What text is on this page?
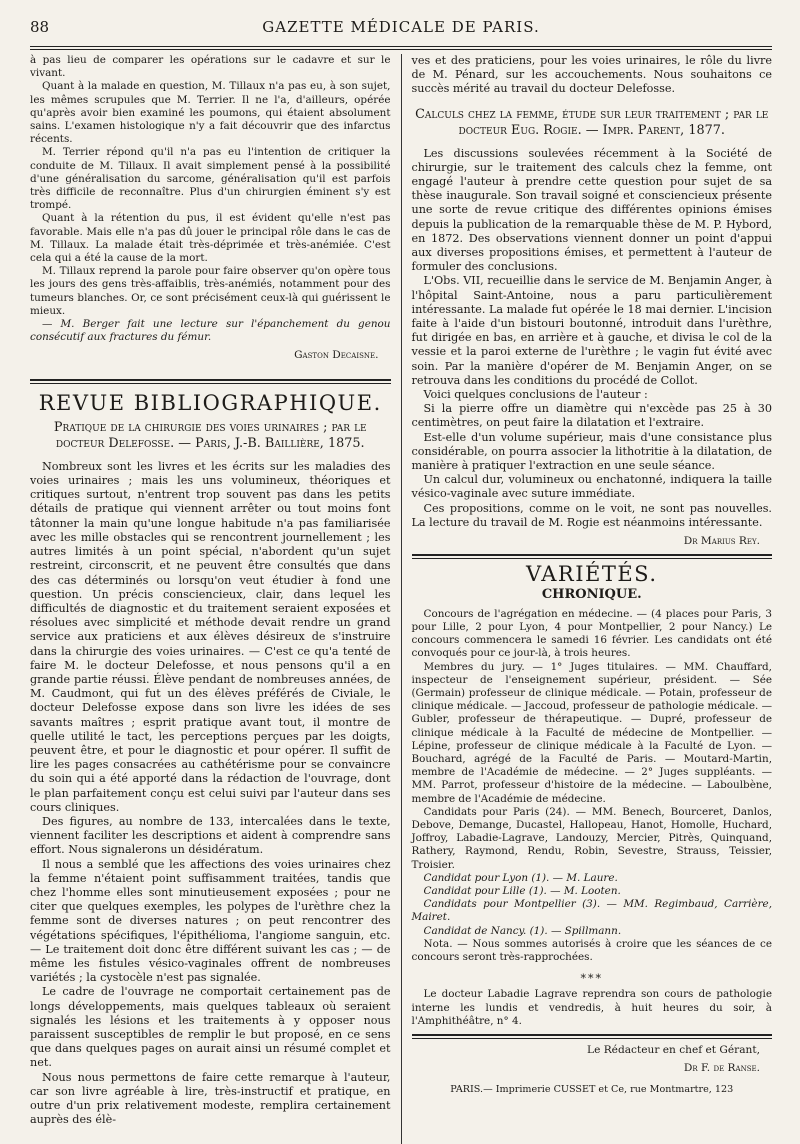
88	GAZETTE MÉDICALE DE PARIS.

à pas lieu de comparer les opérations sur le cadavre et sur le vivant.

Quant à la malade en question, M. Tillaux n'a pas eu, à son sujet, les mêmes scrupules que M. Terrier. Il ne l'a, d'ailleurs, opérée qu'après avoir bien examiné les poumons, qui étaient absolument sains. L'examen histologique n'y a fait découvrir que des infarctus récents.

M. Terrier répond qu'il n'a pas eu l'intention de critiquer la conduite de M. Tillaux. Il avait simplement pensé à la possibilité d'une généralisation du sarcome, généralisation qu'il est parfois très difficile de reconnaître. Plus d'un chirurgien éminent s'y est trompé.

Quant à la rétention du pus, il est évident qu'elle n'est pas favorable. Mais elle n'a pas dû jouer le principal rôle dans le cas de M. Tillaux. La malade était très-déprimée et très-anémiée. C'est cela qui a été la cause de la mort.

M. Tillaux reprend la parole pour faire observer qu'on opère tous les jours des gens très-affaiblis, très-anémiés, notamment pour des tumeurs blanches. Or, ce sont précisément ceux-là qui guérissent le mieux.

— M. Berger fait une lecture sur l'épanchement du genou consécutif aux fractures du fémur.

Gaston Decaisne.
REVUE BIBLIOGRAPHIQUE.
Pratique de la chirurgie des voies urinaires ; par le docteur Delefosse. — Paris, J.-B. Baillière, 1875.

Nombreux sont les livres et les écrits sur les maladies des voies urinaires ; mais les uns volumineux, théoriques et critiques surtout, n'entrent trop souvent pas dans les petits détails de pratique qui viennent arrêter ou tout moins font tâtonner la main qu'une longue habitude n'a pas familiarisée avec les mille obstacles qui se rencontrent journellement ; les autres limités à un point spécial, n'abordent qu'un sujet restreint, circonscrit, et ne peuvent être consultés que dans des cas déterminés ou lorsqu'on veut étudier à fond une question. Un précis consciencieux, clair, dans lequel les difficultés de diagnostic et du traitement seraient exposées et résolues avec simplicité et méthode devait rendre un grand service aux praticiens et aux élèves désireux de s'instruire dans la chirurgie des voies urinaires. — C'est ce qu'a tenté de faire M. le docteur Delefosse, et nous pensons qu'il a en grande partie réussi. Élève pendant de nombreuses années, de M. Caudmont, qui fut un des élèves préférés de Civiale, le docteur Delefosse expose dans son livre les idées de ses savants maîtres ; esprit pratique avant tout, il montre de quelle utilité le tact, les perceptions perçues par les doigts, peuvent être, et pour le diagnostic et pour opérer. Il suffit de lire les pages consacrées au cathétérisme pour se convaincre du soin qui a été apporté dans la rédaction de l'ouvrage, dont le plan parfaitement conçu est celui suivi par l'auteur dans ses cours cliniques.

Des figures, au nombre de 133, intercalées dans le texte, viennent faciliter les descriptions et aident à comprendre sans effort. Nous signalerons un désidératum.

Il nous a semblé que les affections des voies urinaires chez la femme n'étaient point suffisamment traitées, tandis que chez l'homme elles sont minutieusement exposées ; pour ne citer que quelques exemples, les polypes de l'urèthre chez la femme sont de diverses natures ; on peut rencontrer des végétations spécifiques, l'épithélioma, l'angiome sanguin, etc. — Le traitement doit donc être différent suivant les cas ; — de même les fistules vésico-vaginales offrent de nombreuses variétés ; la cystocèle n'est pas signalée.

Le cadre de l'ouvrage ne comportait certainement pas de longs développements, mais quelques tableaux où seraient signalés les lésions et les traitements à y opposer nous paraissent susceptibles de remplir le but proposé, en ce sens que dans quelques pages on aurait ainsi un résumé complet et net.

Nous nous permettons de faire cette remarque à l'auteur, car son livre agréable à lire, très-instructif et pratique, en outre d'un prix relativement modeste, remplira certainement auprès des élè-

ves et des praticiens, pour les voies urinaires, le rôle du livre de M. Pénard, sur les accouchements. Nous souhaitons ce succès mérité au travail du docteur Delefosse.

Calculs chez la femme, étude sur leur traitement ; par le docteur Eug. Rogie. — Impr. Parent, 1877.

Les discussions soulevées récemment à la Société de chirurgie, sur le traitement des calculs chez la femme, ont engagé l'auteur à prendre cette question pour sujet de sa thèse inaugurale. Son travail soigné et consciencieux présente une sorte de revue critique des différentes opinions émises depuis la publication de la remarquable thèse de M. P. Hybord, en 1872. Des observations viennent donner un point d'appui aux diverses propositions émises, et permettent à l'auteur de formuler des conclusions.

L'Obs. VII, recueillie dans le service de M. Benjamin Anger, à l'hôpital Saint-Antoine, nous a paru particulièrement intéressante. La malade fut opérée le 18 mai dernier. L'incision faite à l'aide d'un bistouri boutonné, introduit dans l'urèthre, fut dirigée en bas, en arrière et à gauche, et divisa le col de la vessie et la paroi externe de l'urèthre ; le vagin fut évité avec soin. Par la manière d'opérer de M. Benjamin Anger, on se retrouva dans les conditions du procédé de Collot.

Voici quelques conclusions de l'auteur :

Si la pierre offre un diamètre qui n'excède pas 25 à 30 centimètres, on peut faire la dilatation et l'extraire.

Est-elle d'un volume supérieur, mais d'une consistance plus considérable, on pourra associer la lithotritie à la dilatation, de manière à pratiquer l'extraction en une seule séance.

Un calcul dur, volumineux ou enchatonné, indiquera la taille vésico-vaginale avec suture immédiate.

Ces propositions, comme on le voit, ne sont pas nouvelles. La lecture du travail de M. Rogie est néanmoins intéressante.

Dr Marius Rey.
VARIÉTÉS.
CHRONIQUE.

Concours de l'agrégation en médecine. — (4 places pour Paris, 3 pour Lille, 2 pour Lyon, 4 pour Montpellier, 2 pour Nancy.) Le concours commencera le samedi 16 février. Les candidats ont été convoqués pour ce jour-là, à trois heures.

Membres du jury. — 1° Juges titulaires. — MM. Chauffard, inspecteur de l'enseignement supérieur, président. — Sée (Germain) professeur de clinique médicale. — Potain, professeur de clinique médicale. — Jaccoud, professeur de pathologie médicale. — Gubler, professeur de thérapeutique. — Dupré, professeur de clinique médicale à la Faculté de médecine de Montpellier. — Lépine, professeur de clinique médicale à la Faculté de Lyon. — Bouchard, agrégé de la Faculté de Paris. — Moutard-Martin, membre de l'Académie de médecine. — 2° Juges suppléants. — MM. Parrot, professeur d'histoire de la médecine. — Laboulbène, membre de l'Académie de médecine.

Candidats pour Paris (24). — MM. Benech, Bourceret, Danlos, Debove, Demange, Ducastel, Hallopeau, Hanot, Homolle, Huchard, Joffroy, Labadie-Lagrave, Landouzy, Mercier, Pitrès, Quinquand, Rathery, Raymond, Rendu, Robin, Sevestre, Strauss, Teissier, Troisier.

Candidat pour Lyon (1). — M. Laure.

Candidat pour Lille (1). — M. Looten.

Candidats pour Montpellier (3). — MM. Regimbaud, Carrière, Mairet.

Candidat de Nancy. (1). — Spillmann.

Nota. — Nous sommes autorisés à croire que les séances de ce concours seront très-rapprochées.

***

Le docteur Labadie Lagrave reprendra son cours de pathologie interne les lundis et vendredis, à huit heures du soir, à l'Amphithéâtre, n° 4.

Le Rédacteur en chef et Gérant,
Dr F. de Ranse.
PARIS.— Imprimerie CUSSET et Ce, rue Montmartre, 123
